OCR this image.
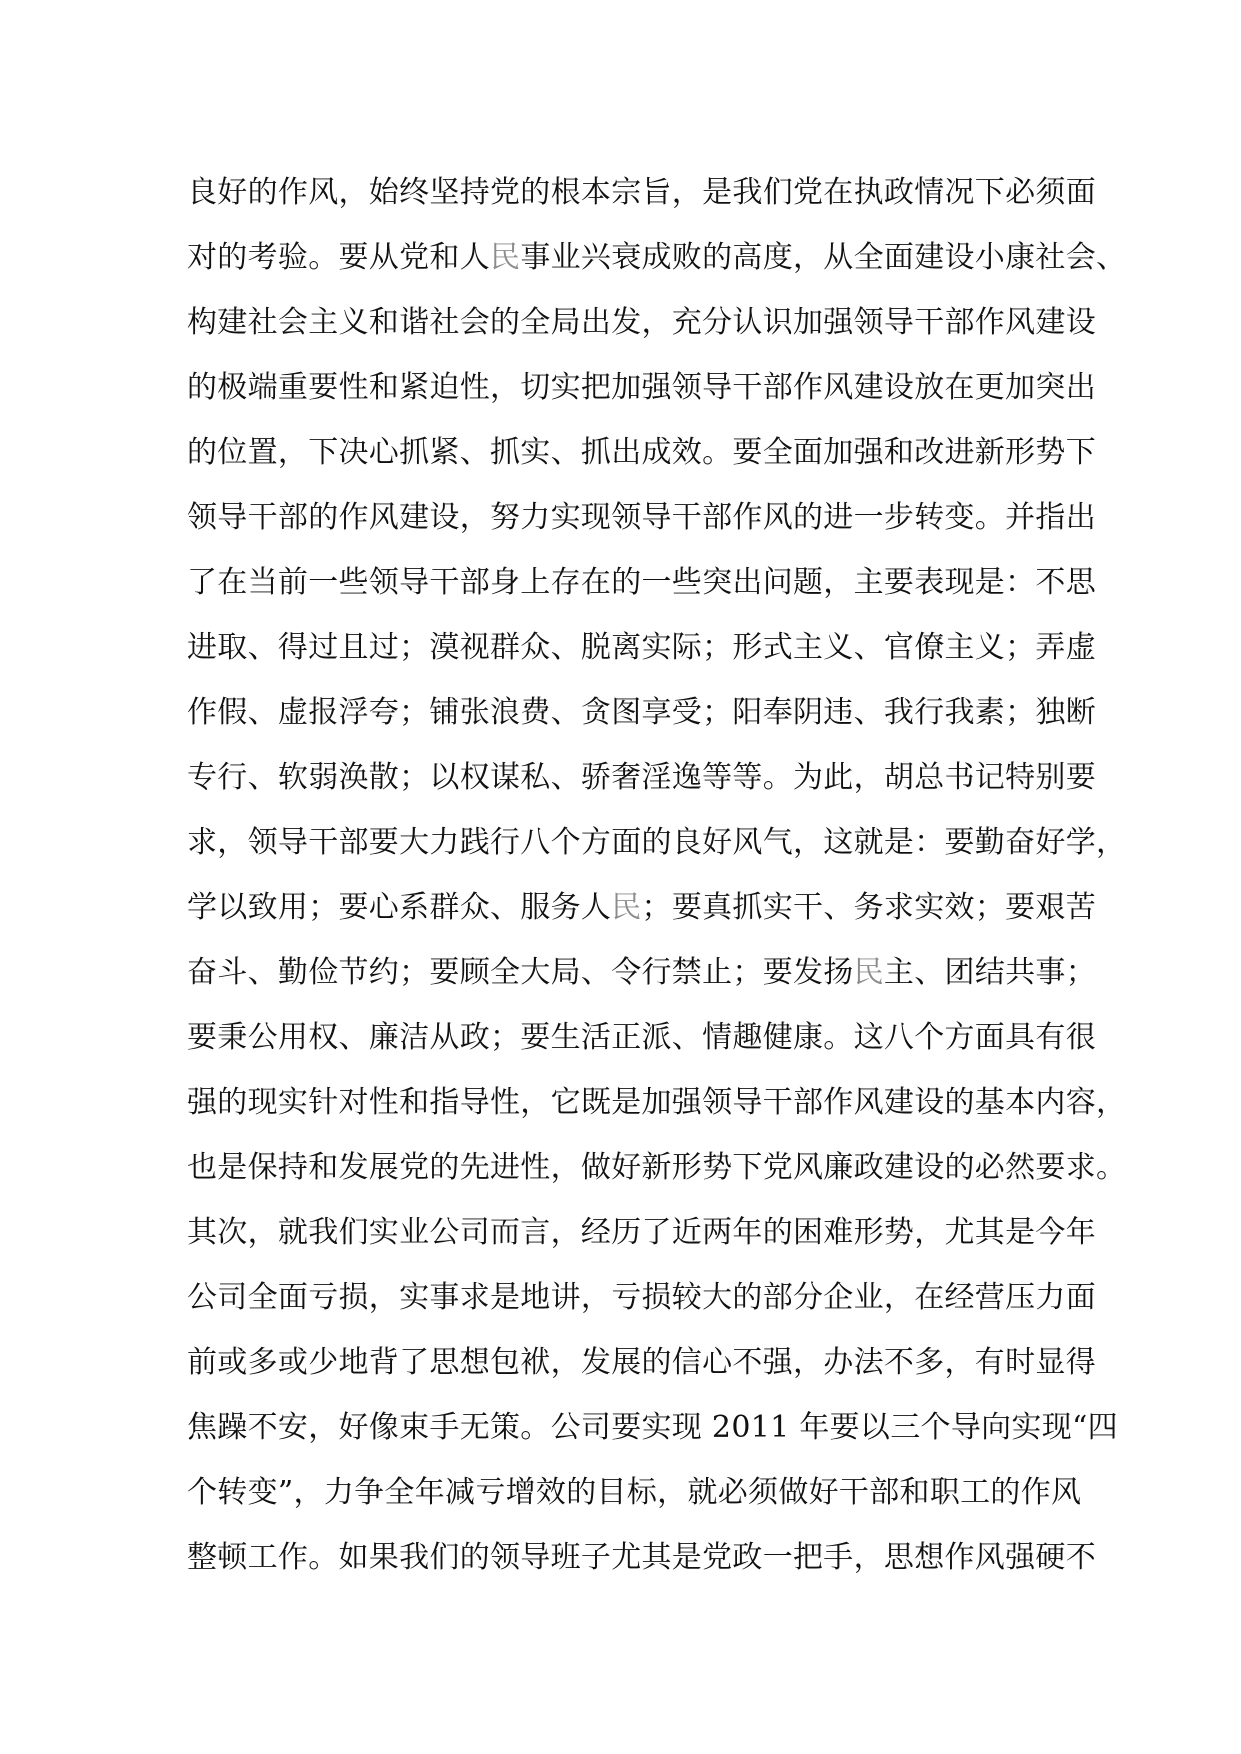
良好的作风，始终坚持党的根本宗旨，是我们党在执政情况下必须面
对的考验。要从党和人民事业兴衰成败的高度，从全面建设小康社会、
构建社会主义和谐社会的全局出发，充分认识加强领导干部作风建设
的极端重要性和紧迫性，切实把加强领导干部作风建设放在更加突出
的位置，下决心抓紧、抓实、抓出成效。要全面加强和改进新形势下
领导干部的作风建设，努力实现领导干部作风的进一步转变。并指出
了在当前一些领导干部身上存在的一些突出问题，主要表现是：不思
进取、得过且过；漠视群众、脱离实际；形式主义、官僚主义；弄虚
作假、虚报浮夸；铺张浪费、贪图享受；阳奉阴违、我行我素；独断
专行、软弱涣散；以权谋私、骄奢淫逸等等。为此，胡总书记特别要
求，领导干部要大力践行八个方面的良好风气，这就是：要勤奋好学，
学以致用；要心系群众、服务人民；要真抓实干、务求实效；要艰苦
奋斗、勤俭节约；要顾全大局、令行禁止；要发扬民主、团结共事；
要秉公用权、廉洁从政；要生活正派、情趣健康。这八个方面具有很
强的现实针对性和指导性，它既是加强领导干部作风建设的基本内容，
也是保持和发展党的先进性，做好新形势下党风廉政建设的必然要求。
其次，就我们实业公司而言，经历了近两年的困难形势，尤其是今年
公司全面亏损，实事求是地讲，亏损较大的部分企业，在经营压力面
前或多或少地背了思想包袱，发展的信心不强，办法不多，有时显得
焦躁不安，好像束手无策。公司要实现 2011 年要以三个导向实现“四
个转变”，力争全年减亏增效的目标，就必须做好干部和职工的作风
整顿工作。如果我们的领导班子尤其是党政一把手，思想作风强硬不
